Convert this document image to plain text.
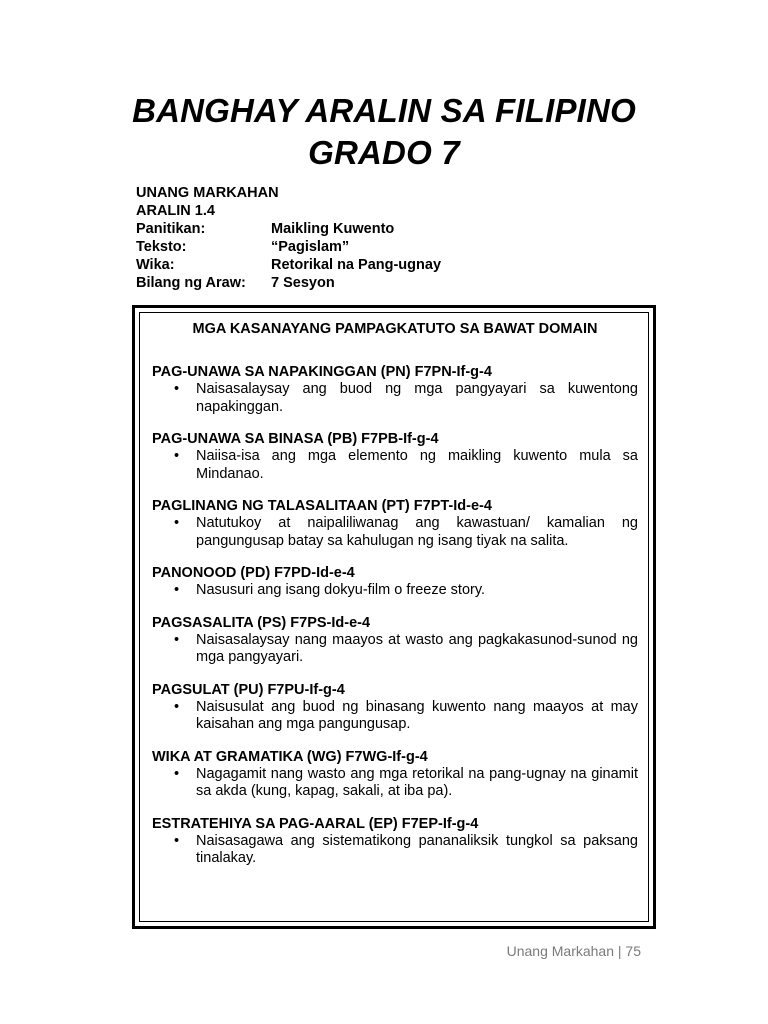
BANGHAY ARALIN SA FILIPINO
GRADO 7
UNANG MARKAHAN
ARALIN 1.4
Panitikan:	Maikling Kuwento
Teksto:	“Pagislam”
Wika:	Retorikal na Pang-ugnay
Bilang ng Araw:	7 Sesyon
MGA KASANAYANG PAMPAGKATUTO SA BAWAT DOMAIN
PAG-UNAWA SA NAPAKINGGAN (PN) F7PN-If-g-4
• Naisasalaysay ang buod ng mga pangyayari sa kuwentong napakinggan.
PAG-UNAWA SA BINASA (PB) F7PB-If-g-4
• Naiisa-isa ang mga elemento ng maikling kuwento mula sa Mindanao.
PAGLINANG NG TALASALITAAN (PT) F7PT-Id-e-4
• Natutukoy at naipaliliwanag ang kawastuan/ kamalian ng pangungusap batay sa kahulugan ng isang tiyak na salita.
PANONOOD (PD) F7PD-Id-e-4
• Nasusuri ang isang dokyu-film o freeze story.
PAGSASALITA (PS) F7PS-Id-e-4
• Naisasalaysay nang maayos at wasto ang pagkakasunod-sunod ng mga pangyayari.
PAGSULAT (PU) F7PU-If-g-4
• Naisusulat ang buod ng binasang kuwento nang maayos at may kaisahan ang mga pangungusap.
WIKA AT GRAMATIKA (WG) F7WG-If-g-4
• Nagagamit nang wasto ang mga retorikal na pang-ugnay na ginamit sa akda (kung, kapag, sakali, at iba pa).
ESTRATEHIYA SA PAG-AARAL (EP) F7EP-If-g-4
• Naisasagawa ang sistematikong pananaliksik tungkol sa paksang tinalakay.
Unang Markahan | 75
